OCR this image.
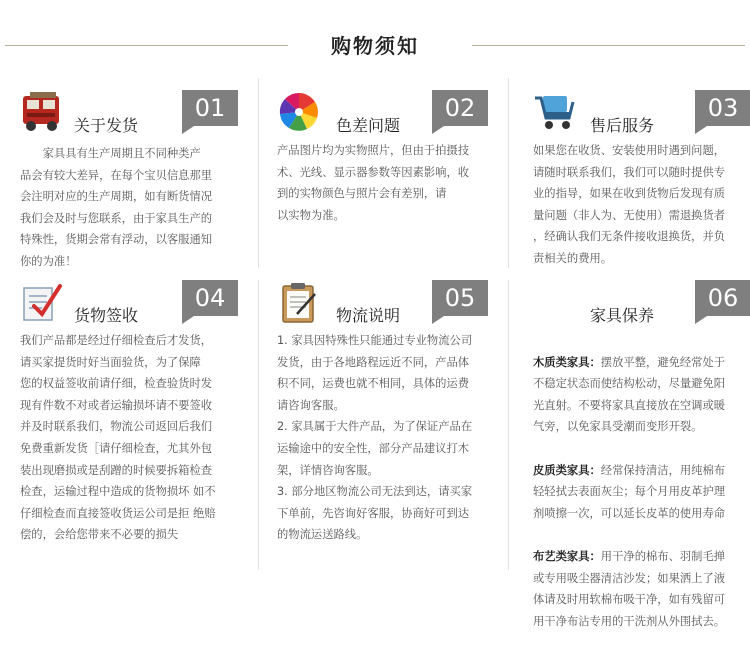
购物须知
关于发货
01
　　家具具有生产周期且不同种类产
品会有较大差异，在每个宝贝信息那里
会注明对应的生产周期，如有断货情况
我们会及时与您联系，由于家具生产的
特殊性，货期会常有浮动，以客服通知
你的为准！
色差问题
02
产品图片均为实物照片，但由于拍摄技
术、光线、显示器参数等因素影响，收
到的实物颜色与照片会有差别，请
以实物为准。
售后服务
03
如果您在收货、安装使用时遇到问题，
请随时联系我们，我们可以随时提供专
业的指导，如果在收到货物后发现有质
量问题（非人为、无使用）需退换货者
，经确认我们无条件接收退换货，并负
责相关的费用。
货物签收
04
我们产品都是经过仔细检查后才发货，
请买家提货时好当面验货，为了保障
您的权益签收前请仔细，检查验货时发
现有件数不对或者运输损坏请不要签收
并及时联系我们，物流公司返回后我们
免费重新发货［请仔细检查，尤其外包
装出现磨损或是刮蹭的时候要拆箱检查
检查，运输过程中造成的货物损坏 如不
仔细检查而直接签收货运公司是拒 绝赔
偿的，会给您带来不必要的损失
物流说明
05
1. 家具因特殊性只能通过专业物流公司
发货，由于各地路程远近不同，产品体
积不同，运费也就不相同，具体的运费
请咨询客服。
2. 家具属于大件产品，为了保证产品在
运输途中的安全性，部分产品建议打木
架，详情咨询客服。
3. 部分地区物流公司无法到达，请买家
下单前，先咨询好客服，协商好可到达
的物流运送路线。
家具保养
06

木质类家具：摆放平整，避免经常处于
不稳定状态而使结构松动，尽量避免阳
光直射。不要将家具直接放在空调或暖
气旁，以免家具受潮而变形开裂。

皮质类家具：经常保持清洁，用纯棉布
轻轻拭去表面灰尘；每个月用皮革护理
剂喷擦一次，可以延长皮革的使用寿命

布艺类家具：用干净的棉布、羽制毛掸
或专用吸尘器清洁沙发；如果洒上了液
体请及时用软棉布吸干净，如有残留可
用干净布沾专用的干洗剂从外围拭去。
